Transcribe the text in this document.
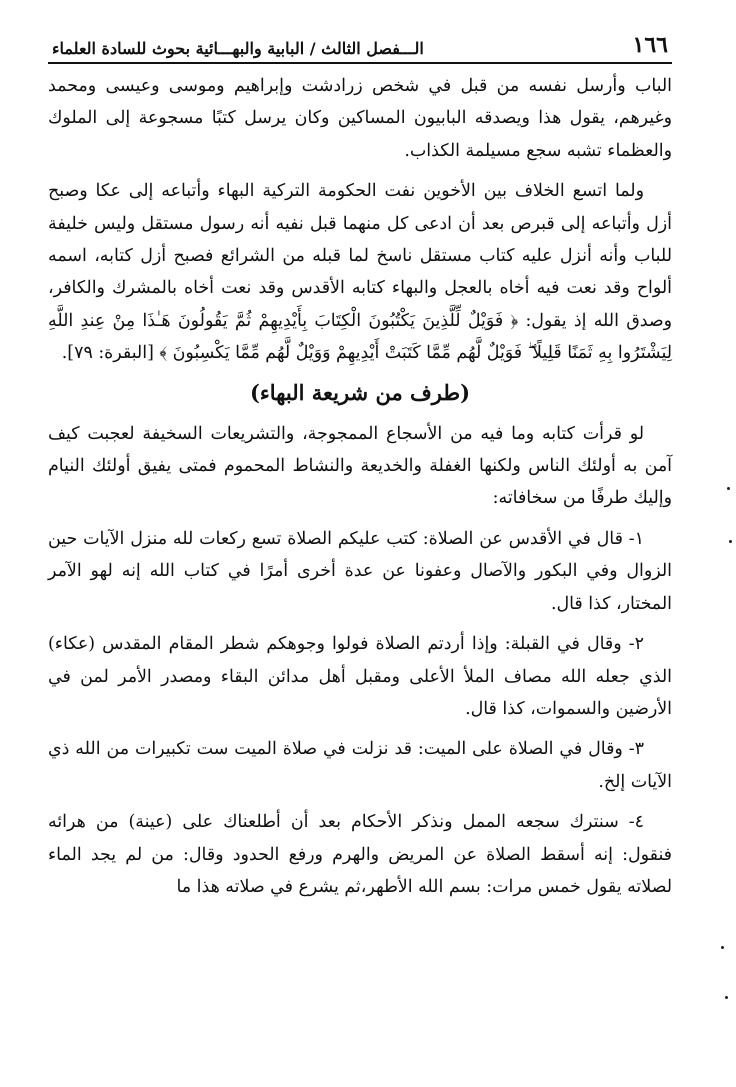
١٦٦
الـــفصل الثالث / البابية والبهـــائية بحوث للسادة العلماء

الباب وأرسل نفسه من قبل في شخص زرادشت وإبراهيم وموسى وعيسى ومحمد وغيرهم، يقول هذا ويصدقه البابيون المساكين وكان يرسل كتبًا مسجوعة إلى الملوك والعظماء تشبه سجع مسيلمة الكذاب.

ولما اتسع الخلاف بين الأخوين نفت الحكومة التركية البهاء وأتباعه إلى عكا وصبح أزل وأتباعه إلى قبرص بعد أن ادعى كل منهما قبل نفيه أنه رسول مستقل وليس خليفة للباب وأنه أنزل عليه كتاب مستقل ناسخ لما قبله من الشرائع فصبح أزل كتابه، اسمه ألواح وقد نعت فيه أخاه بالعجل والبهاء كتابه الأقدس وقد نعت أخاه بالمشرك والكافر، وصدق الله إذ يقول: ﴿ فَوَيْلٌ لِّلَّذِينَ يَكْتُبُونَ الْكِتَابَ بِأَيْدِيهِمْ ثُمَّ يَقُولُونَ هَـٰذَا مِنْ عِندِ اللَّهِ لِيَشْتَرُوا بِهِ ثَمَنًا قَلِيلًا ۖ فَوَيْلٌ لَّهُم مِّمَّا كَتَبَتْ أَيْدِيهِمْ وَوَيْلٌ لَّهُم مِّمَّا يَكْسِبُونَ ﴾ [البقرة: ٧٩].

(طرف من شريعة البهاء)

لو قرأت كتابه وما فيه من الأسجاع الممجوجة، والتشريعات السخيفة لعجبت كيف آمن به أولئك الناس ولكنها الغفلة والخديعة والنشاط المحموم فمتى يفيق أولئك النيام وإليك طرفًا من سخافاته:

١- قال في الأقدس عن الصلاة: كتب عليكم الصلاة تسع ركعات لله منزل الآيات حين الزوال وفي البكور والآصال وعفونا عن عدة أخرى أمرًا في كتاب الله إنه لهو الآمر المختار، كذا قال.

٢- وقال في القبلة: وإذا أردتم الصلاة فولوا وجوهكم شطر المقام المقدس (عكاء) الذي جعله الله مصاف الملأ الأعلى ومقبل أهل مدائن البقاء ومصدر الأمر لمن في الأرضين والسموات، كذا قال.

٣- وقال في الصلاة على الميت: قد نزلت في صلاة الميت ست تكبيرات من الله ذي الآيات إلخ.

٤- سنترك سجعه الممل ونذكر الأحكام بعد أن أطلعناك على (عينة) من هرائه فنقول: إنه أسقط الصلاة عن المريض والهرم ورفع الحدود وقال: من لم يجد الماء لصلاته يقول خمس مرات: بسم الله الأطهر،ثم يشرع في صلاته هذا ما
